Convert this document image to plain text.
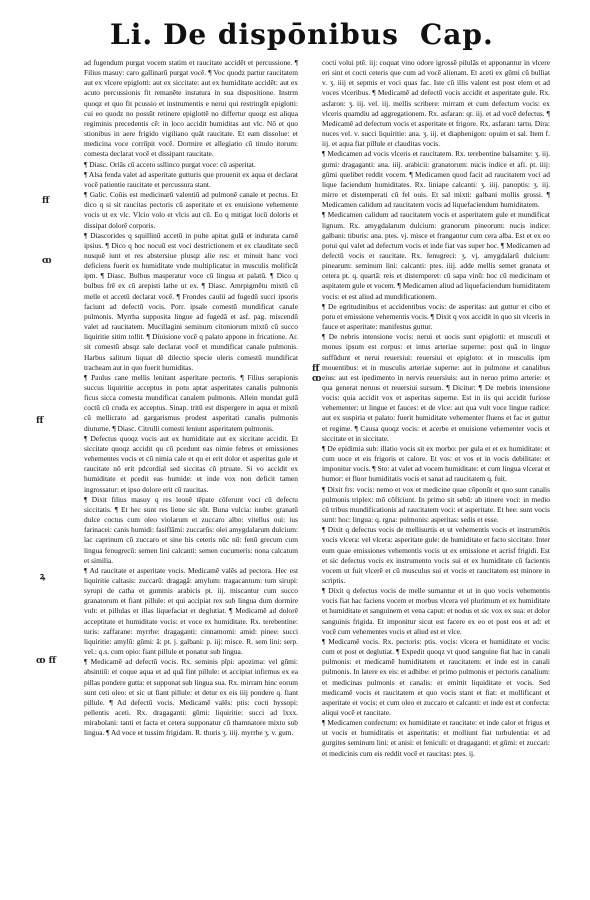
Li. De dispōnibus Cap.
ff
ꝏ
ff
ꝝ
ꝏ ff
ff
ꝏ

ad fugendum purgat vocem statim et raucitate accidēt et percussione. ¶ Filius masuy: caro gallinarū purgat vocē. ¶ Voc quodz partur raucitatem aut ex vlcere epiglotti: aut ex siccitate: aut ex humiditate accidēt: aut ex acuto percussionis fit remanēte instatura in sua dispositione. Instrm quoqz et quo fit pcussio et instrumentis e nerui qui restringūt epiglotti: cui eo quodz no possūt retinere epiglottē no differtur quoqz est aliqua regiminis precedentis cē: in loco accidit humiditas aut vlc. Nō et quo stionibus in aere frigido vigiliano quāt raucitate. Et eam dissolue: et medicina voce corrūpit vocē. Dormire et allegiatio cū tinulo itorum: comesta declarat vocē et dissipant raucitate.

¶ Diasc. Oriās cū acceto ssllinco purgat voce: cū asperitat.

¶ Alsa fenda valet ad asperitate gutturis que prouenit ex aqua et declarat vocē patientie raucitate et percussura stant.

¶ Galic. Coūis est medicinarū valentiū ad pulmonē canale et pectus. Et dico q si sit raucitas pectoris cū asperitate et ex enuisione vehemente vocis ut ex vlc. Vlcio volo et vlcis aut cū. Eo q mitigat locū doloris et dissipat dolorē corporis.

¶ Diascorides q squillinū accetū in pulte apitat gulā et indurata carnē ipsius. ¶ Dico q hoc nocuū est voci destrictionem et ex clauditate secū nusquē iunt et res abstersiue plusqz alie res: et minuit hanc voci deficiens fuerit ex humiditate vnde multiplicatur in musculis molificāt ipm. ¶ Diasc. Bulbus masperatur voce cū lingua et palatū. ¶ Dico q bulbus frē ex cū arepisti lathe ut ex. ¶ Diasc. Amrpigmētu mixtū cū melle et accetū declarat vocē. ¶ Frondes caulii ad fugedū succi ipsoris faciunt ad defectū vocis. Porr. ipsale comestū mundificat canale pulmonis. Myrrha supposita lingue ad fugedā et asf. pag. miscendū valet ad raucitatem. Mucillagini seminum citoniorum mixtū cū succo liquiritie sitim tollit. ¶ Diuisione vocē q palato appone in fricatione. Ar. sit comestū absqz sale declarat vocē et mundificat canale pulmonis. Harbus salitum liquat dē dilectio specie oleris comestū mundificat tracheam aut in quo fuerit humiditas.

¶ Paulus cane mellis lenitant asperitate pectoris. ¶ Filius serapionis succus liquiritie acceptus in potu aptat asperitates canalis pulmonis ficus sicca comesta mundificat canalem pulmonis. Allein mundat gulā coctū cū cruda ex acceptus. Sinap. tritū est dispergere in aqua et mixtū cū mellicrato ad gargarismus prodest asperitati canalis pulmonis diuturne. ¶ Diasc. Citrulli comesti leniunt asperitatem pulmonis.

¶ Defectus quoqz vocis aut ex humiditate aut ex siccitate accidit. Et siccitate quoqz accidit qu cū pcedunt eas nimie febres et emissiones vehementes vocis et cū nimia cale et qu et erit dolor et asperitas gule et raucitate nō erit pdcordial sed siccitas cū ptruate. Si vo accidit ex humiditate et pcedit eas humide: et inde vox non deficit tamen ingrossatur: et ipso dolore erit cū raucitas.

¶ Dixit filius masuy q res leonē tēpate cōferunt voci cū defectu siccitatis. ¶ Et hec sunt res liene sic sūt. Buna vulcia: iuube: granatū dulce coctus cum oleo violarum et zuccaro albo: vitellus oui: ius farinacei: canis humidi: fasiflāmi: zuccarūs: olei amygdalarum dulcium: lac caprinum cū zuccaro et sine his ceteris nūc nū: fenū grecum cum lingua fenugrecū: semen lini calcanti: semen cucumeris: nona calcatum et similia.

¶ Ad raucitate et asperitate vocis. Medicamē valēs ad pectora. Hec est liquiritie caltasis: zuccarū: dragagā: amylum: tragacantum: tum sirupi: syrupi de catha et gummis arabicis pt. iij. miscantur cum succo granatorum et fiant pillule: et qui accipiat rex sub lingua dum dormire vult: et pillulas et illas liquefaciat et deglutiat. ¶ Medicamē ad dolorē acceptitate et humiditate vocis: et voce ex humiditate. Rx. terebentine: turis: zaffarane: myrrhe: dragaganti: cinnamomi: amid: pinee: succi liquiritie: amylū: gūmi: ā: pt. j. galbani: p. iij: misce. R. sem lini: serp. vel.: q.s. cum opio: fiant pillule et ponatur sub lingua.

¶ Medicamē ad defectū vocis. Rx. seminis pīpi: apozima: vel gūmi: absintiū: et coque aqua et ad quā fint pillule: et accipiat infirmus ex ea pillas pondere gutta: et supponat sub lingua sua. Rx. mirram hinc eorum sunt ceti oleo: et sic ut fiant pillule: et detur ex eis iiij pondere q. fiant pillule. ¶ Ad defectū vocis. Medicamē valēs: ptis: cocti hyssopi: pellentis aceti. Rx. dragaganti: gūmi: liquiritie: succi ad lxxx. mirabolani: tanti et facta et cetera supponatur cū thamnatore mixto sub lingua. ¶ Ad voce et tussim frigidam. R. thuris ʒ. iiij. myrrhe ʒ. v. gum.

cocti volui ptē. iij: coquat vino odore igrossē pilulās et apponantur in vlcere eri sint et cocti ceteris que cum ad vocē alienam. Et aceti ex gūmi cū bulliat v. ʒ. iiij et sepmis et voci quas fac. Iste cū illis valent est post elem et ad voces vlceribus. ¶ Medicamē ad defectū vocis accidit et asperitate gule. Rx. asfaron: ʒ. iij. vel. iij. mellis scribere: mirram et cum defectum vocis: ex vlceris quamdiu ad aggregationem. Rx. asfaran: qr. iij. et ad vocē defectus. ¶ Medicamē ad defectum vocis et asperitate et frigore. Rx. asfaran: tartu. Dira: nuces vel. v. succi liquiritie: ana. ʒ. iij. et diaphenigon: opuim et sal. Item f. iij. et aqua fiat pillule et clauditas vocis.

¶ Medicamen ad vocis vlceris et raucitatem. Rx. terebentine balsamite: ʒ. iij. gumi: dragaganti: ana. iiij. arabicii: granatorum: nucis indice et afi. pt. iiij: gūmi quelibet reddit vocem. ¶ Medicamen quod facit ad raucitatem voci ad lique faciendum humiditates. Rx. liniape calcanti: ʒ. iiij. panoptis: ʒ. iij. mirre et distemperati cū fel ouis. Et sal mixti: galbani mollis grossi. ¶ Medicamen calidum ad raucitatem vocis ad liquefaciendum humiditatem.

¶ Medicamen calidum ad raucitatem vocis et asperitatem gule et mundificat lignum. Rx. amygdalarum dulcium: granorum pineorum: nucis indice: galbani: tiburis: ana. ptes. vj. misce et frangantur cum cera alba. Est et ex eo potui qui valet ad defectum vocis et inde fiat vas super hoc. ¶ Medicamen ad defectū vocis et raucitate. Rx. fenugreci: ʒ. vj. amygdalarū dulcium: pinearum: seminum lini: calcanti: ptes. iiij. adde mellis semet granata et cetera pt. q. quartā: reis et distemperet: cū sapa vinū: hoc cū medicinam et aspitatem gule et vocem. ¶ Medicamen aliud ad liquefaciendum humiditatem vocis: et est aliud ad mundificationem.

¶ De egritudinibus et accidentibus vocis: de asperitas: aut guttur et cibo et potu et emissione vehementis vocis. ¶ Dixit q vox accidit in quo sit vlceris in fauce et asperitate: manifestus guttur.

¶ De nebris intensione vocis: nerui et uocis sunt epiglotti: et musculi et monus ipsum est corpus: et intus arteriae superne: post quā in lingue suffūdunt et nerui reuersiui: reuersiui et epigloto: et in musculis ipm mouentibus: et in musculis arteriae superne: aut in pulmone et canalibus eius: aut est ipedimento in nervis reuersiuis: aut in neruo primo arterie: et qua generat neruus et reuersiui sursum. ¶ Dicitur: ¶ De mebris intensione vocis: quia accidit vox et asperitas superne. Est in iis qui accidit furiose vehementer: ut lingue et fauces: et de vlce: aut qua vult voce lingue radice: aut ex suspiria et palato: fuerit humiditate vehementer fluens et fac et guttur et regime. ¶ Causa quoqz vocis: et acerbe et enuisione vehementer vocis et siccitate et in siccitate.

¶ De epidimia sub: illatio vocis sit ex morbo: per gula et et ex humiditate: et cum uoce et eis frigoris et calore. Et vos: et vos et in vocis debilitate: et imponitur vocis. ¶ Sto: at valet ad vocem humiditate: et cum lingua vlcerat et humor: et fluor humiditatis vocis et sanat ad raucitatem q. fuit.

¶ Dixit frs: vocis: nemo et vox et medicine quae cōponūt et quo sunt canalis pulmonis triplex: mō cōficiunt. In primo sit sebū: ab itinere voci: in medio cū tribus mundificationis ad raucitatem voci: et asperitate. Et hee: sunt vocis sunt: hoc: lingua: q. rgna: pulmonis: asperitas: sedis et esse.

¶ Dixit q defectus vocis de mellisurtis et ut vehementis vocis et instrumētis vocis vlcera: vel vlcera: asperitate gule: de humiditate et facto siccitate. Inter eum quae emissiones vehementis vocis ut ex emissione et acrisf frigidi. Est et sic defectus vocis ex instrumento vocis sui et ex humiditate cū facientis vocem ut fuit vlcerē et cū musculus sui et vocis et raucitatem est minore in scriptis.

¶ Dixit q defectus vocis de melle sumantur et ut in quo vocis vehementis vocis fiat hac faciens vocem et morbus vlcera vel plurimum et ex humiditate et humiditate et sanguinem et vena caput: et nodus et sic vox ex sua: et dolor sanguinis frigida. Et imponitur sicut est facere ex eo et post eos et ad: et vocē cum vehementes vocis et aliud est et vlce.

¶ Medicamē vocis. Rx. pectoris: ptis. vocis: vlcera et humiditate et vocis: cum et post et deglutiat. ¶ Expedit quoqz vt quod sanguine fiat hac in canali pulmonis: et medicamē humiditatem et raucitatem: et inde est in canali pulmonis. In latere ex eis: et adhibe: et primo pulmonis et pectoris canalium: et medicinas pulmonis et canalis: et emittit liquiditate et vocis. Sed medicamē vocis et raucitatem et quo vocis stant et fiat: et mollificant et asperitate et vocis: et cum oleo et zuccaro et calcanti: et inde est et confecta: aliqui vocē et raucitate.

¶ Medicamen confectum: ex humiditate et raucitate: et inde calor et frigus et ut vocis et humiditatis et asperitatis: et molliunt fiat turbulentia: et ad gurgites seminum lini: et anisi: et feniculi: et dragaganti: et gūmi: et zuccari: et medicinis cum eis reddit vocē et raucitas: ptes. ij.
